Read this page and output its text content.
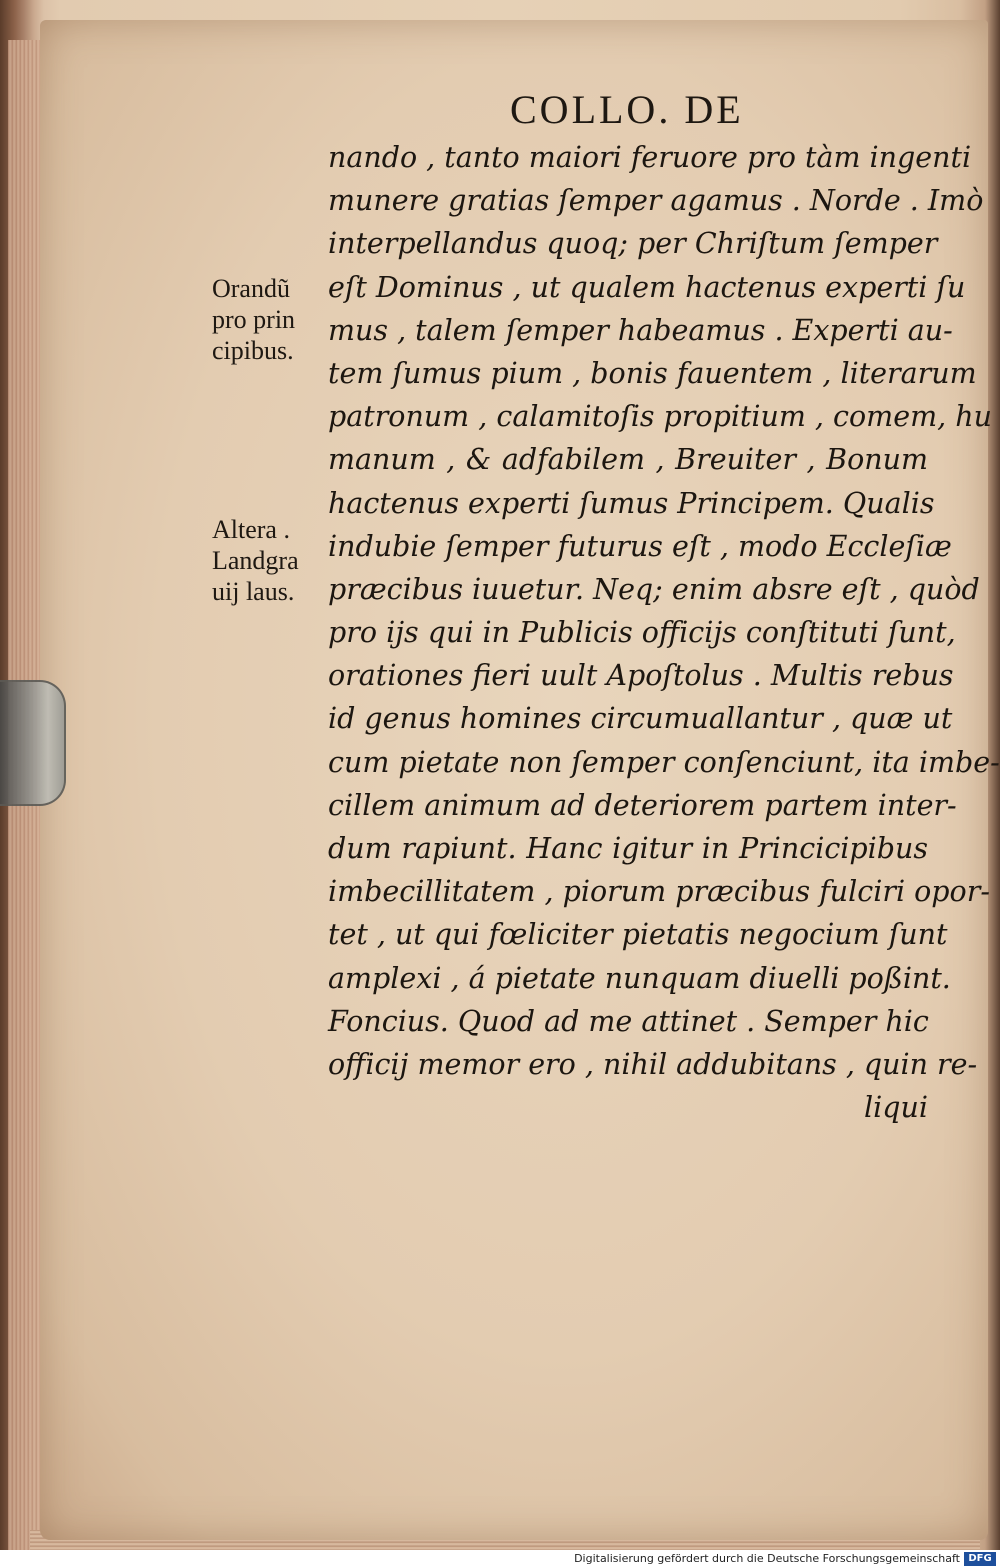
COLLO. DE
Orandũ
pro prin
cipibus.
Altera .
Landgra
uij laus.
nando , tanto maiori feruore pro tàm ingenti
munere gratias ſemper agamus . Norde . Imò
interpellandus quoq; per Chriſtum ſemper
eſt Dominus , ut qualem hactenus experti ſu
mus , talem ſemper habeamus . Experti au-
tem ſumus pium , bonis fauentem , literarum
patronum , calamitoſis propitium , comem, hu
manum , & adfabilem , Breuiter , Bonum
hactenus experti ſumus Principem. Qualis
indubie ſemper futurus eſt , modo Eccleſiæ
præcibus iuuetur. Neq; enim absre eſt , quòd
pro ijs qui in Publicis officijs conſtituti ſunt,
orationes fieri uult Apoſtolus . Multis rebus
id genus homines circumuallantur , quæ ut
cum pietate non ſemper conſenciunt, ita imbe-
cillem animum ad deteriorem partem inter-
dum rapiunt. Hanc igitur in Princicipibus
imbecillitatem , piorum præcibus fulciri opor-
tet , ut qui fœliciter pietatis negocium ſunt
amplexi , á pietate nunquam diuelli poßint.
Foncius. Quod ad me attinet . Semper hic
officij memor ero , nihil addubitans , quin re-
liqui
Digitalisierung gefördert durch die Deutsche Forschungsgemeinschaft DFG
